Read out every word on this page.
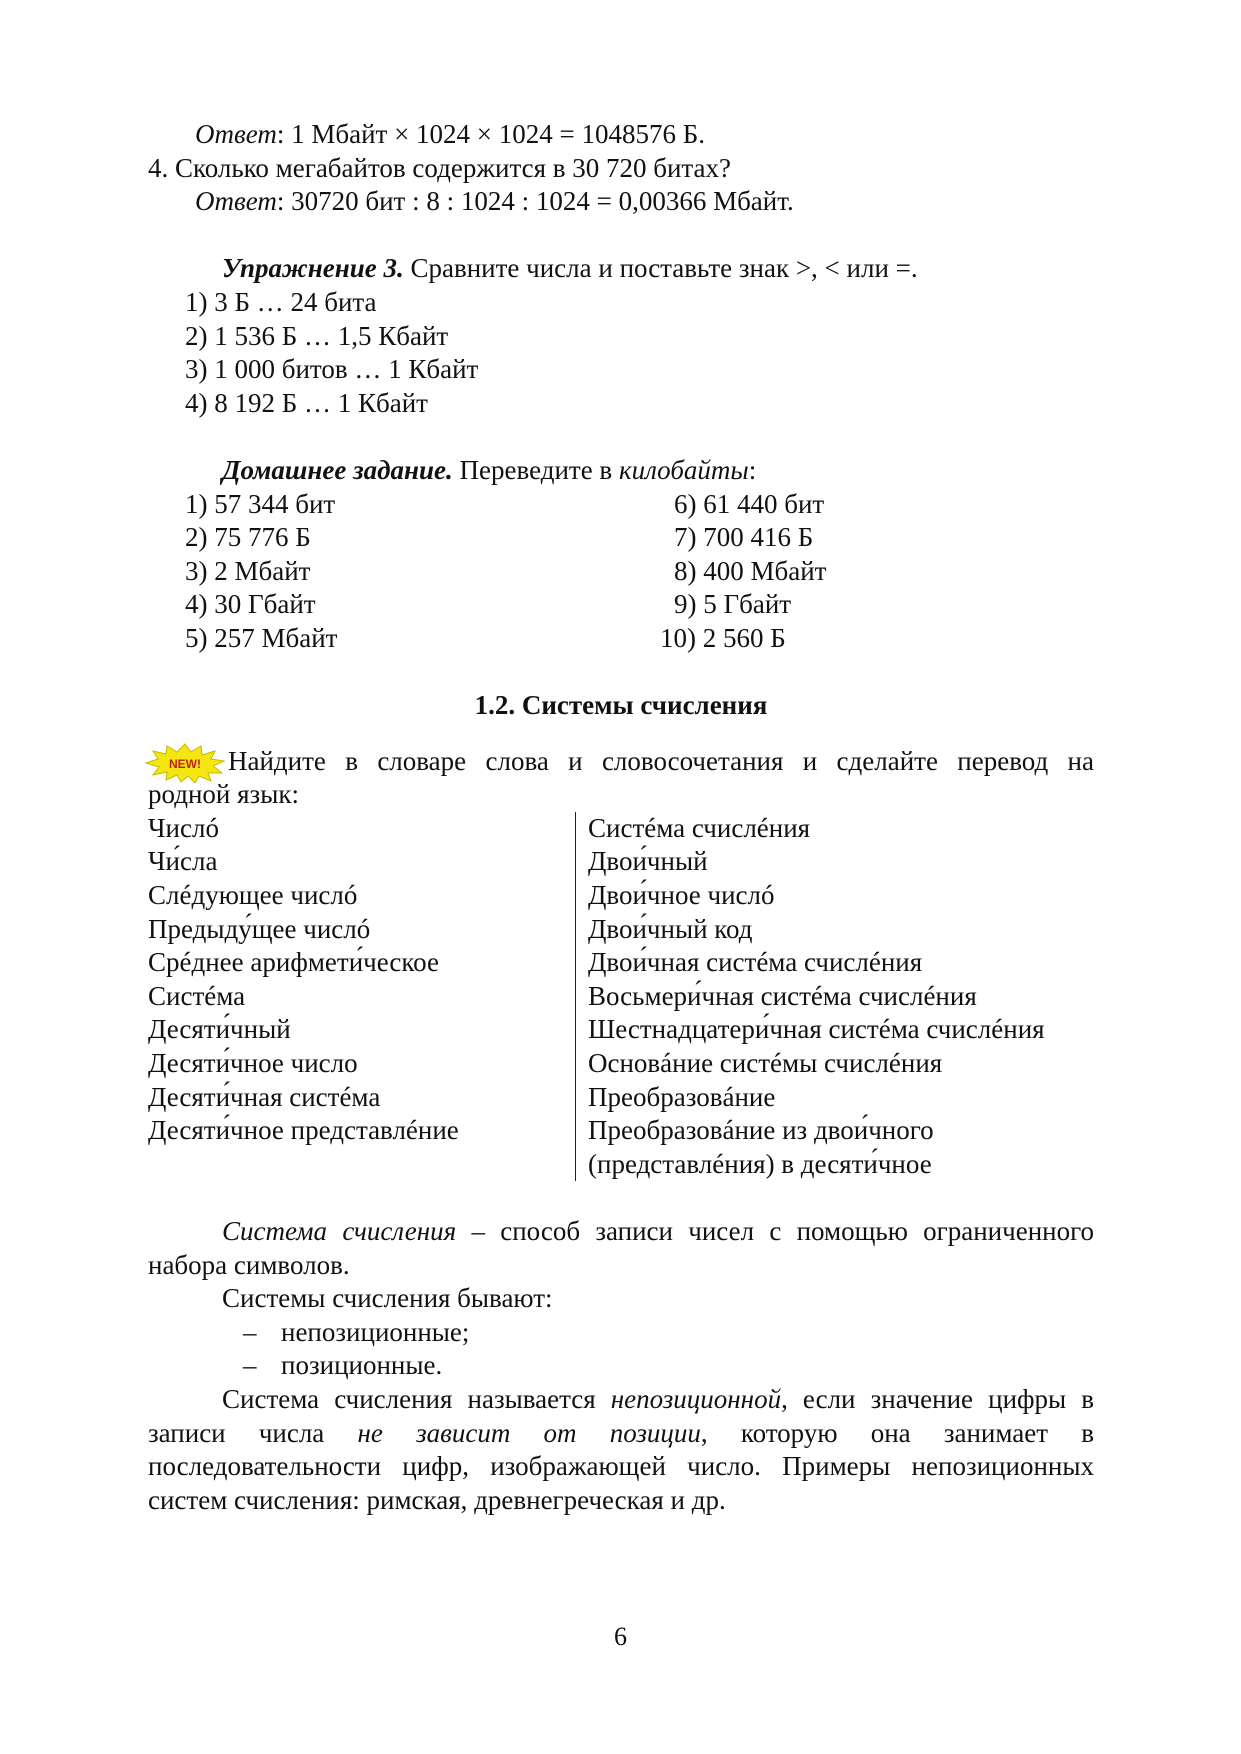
Ответ: 1 Мбайт × 1024 × 1024 = 1048576 Б.

4. Сколько мегабайтов содержится в 30 720 битах?

Ответ: 30720 бит : 8 : 1024 : 1024 = 0,00366 Мбайт.

Упражнение 3. Сравните числа и поставьте знак >, < или =.

1) 3 Б … 24 бита

2) 1 536 Б … 1,5 Кбайт

3) 1 000 битов … 1 Кбайт

4) 8 192 Б … 1 Кбайт

Домашнее задание. Переведите в килобайты:

1) 57 344 бит

2) 75 776 Б

3) 2 Мбайт

4) 30 Гбайт

5) 257 Мбайт

6) 61 440 бит

7) 700 416 Б

8) 400 Мбайт

9) 5 Гбайт

10) 2 560 Б

1.2. Системы счисления

NEW!	Найдите в словаре слова и словосочетания и сделайте перевод на

родной язык:

Числó

Чи́сла

Слéдующее числó

Предыду́щее числó

Срéднее арифмети́ческое

Систéма

Десяти́чный

Десяти́чное число

Десяти́чная систéма

Десяти́чное представлéние

Систéма счислéния

Двои́чный

Двои́чное числó

Двои́чный код

Двои́чная систéма счислéния

Восьмери́чная систéма счислéния

Шестнадцатери́чная систéма счислéния

Основáние систéмы счислéния

Преобразовáние

Преобразовáние из двои́чного

(представлéния) в десяти́чное

Система счисления – способ записи чисел с помощью ограниченного набора символов.

Системы счисления бывают:

– непозиционные;

– позиционные.

Система счисления называется непозиционной, если значение цифры в записи числа не зависит от позиции, которую она занимает в последовательности цифр, изображающей число. Примеры непозиционных систем счисления: римская, древнегреческая и др.

6
